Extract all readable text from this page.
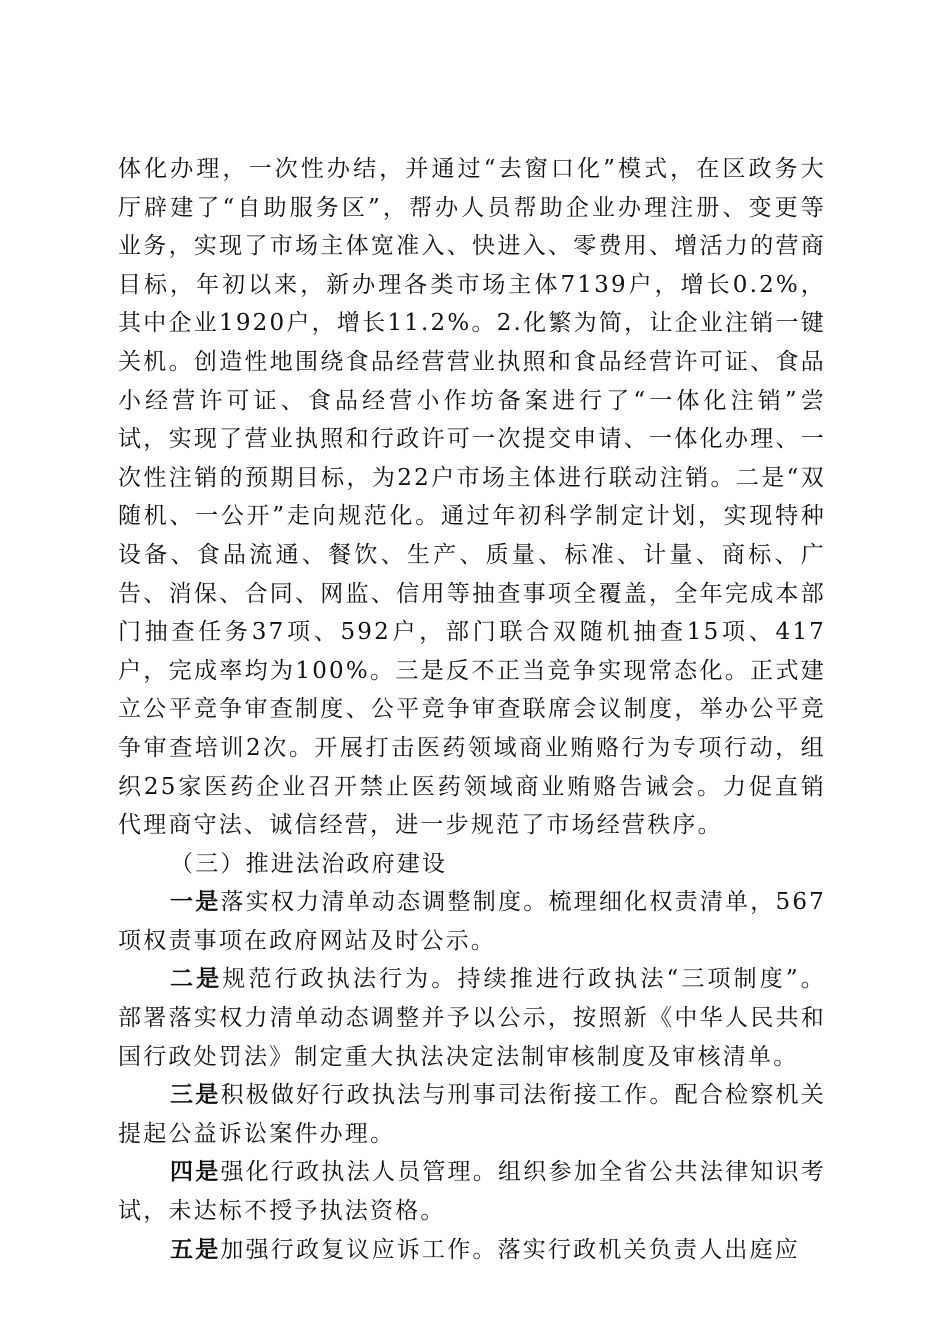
体化办理，一次性办结，并通过“去窗口化”模式，在区政务大厅辟建了“自助服务区”，帮办人员帮助企业办理注册、变更等业务，实现了市场主体宽准入、快进入、零费用、增活力的营商目标，年初以来，新办理各类市场主体7139户，增长0.2%，其中企业1920户，增长11.2%。2.化繁为简，让企业注销一键关机。创造性地围绕食品经营营业执照和食品经营许可证、食品小经营许可证、食品经营小作坊备案进行了“一体化注销”尝试，实现了营业执照和行政许可一次提交申请、一体化办理、一次性注销的预期目标，为22户市场主体进行联动注销。二是“双随机、一公开”走向规范化。通过年初科学制定计划，实现特种设备、食品流通、餐饮、生产、质量、标准、计量、商标、广告、消保、合同、网监、信用等抽查事项全覆盖，全年完成本部门抽查任务37项、592户，部门联合双随机抽查15项、417户，完成率均为100%。三是反不正当竞争实现常态化。正式建立公平竞争审查制度、公平竞争审查联席会议制度，举办公平竞争审查培训2次。开展打击医药领域商业贿赂行为专项行动，组织25家医药企业召开禁止医药领域商业贿赂告诫会。力促直销代理商守法、诚信经营，进一步规范了市场经营秩序。

（三）推进法治政府建设

一是落实权力清单动态调整制度。梳理细化权责清单，567项权责事项在政府网站及时公示。

二是规范行政执法行为。持续推进行政执法“三项制度”。部署落实权力清单动态调整并予以公示，按照新《中华人民共和国行政处罚法》制定重大执法决定法制审核制度及审核清单。

三是积极做好行政执法与刑事司法衔接工作。配合检察机关提起公益诉讼案件办理。

四是强化行政执法人员管理。组织参加全省公共法律知识考试，未达标不授予执法资格。

五是加强行政复议应诉工作。落实行政机关负责人出庭应
